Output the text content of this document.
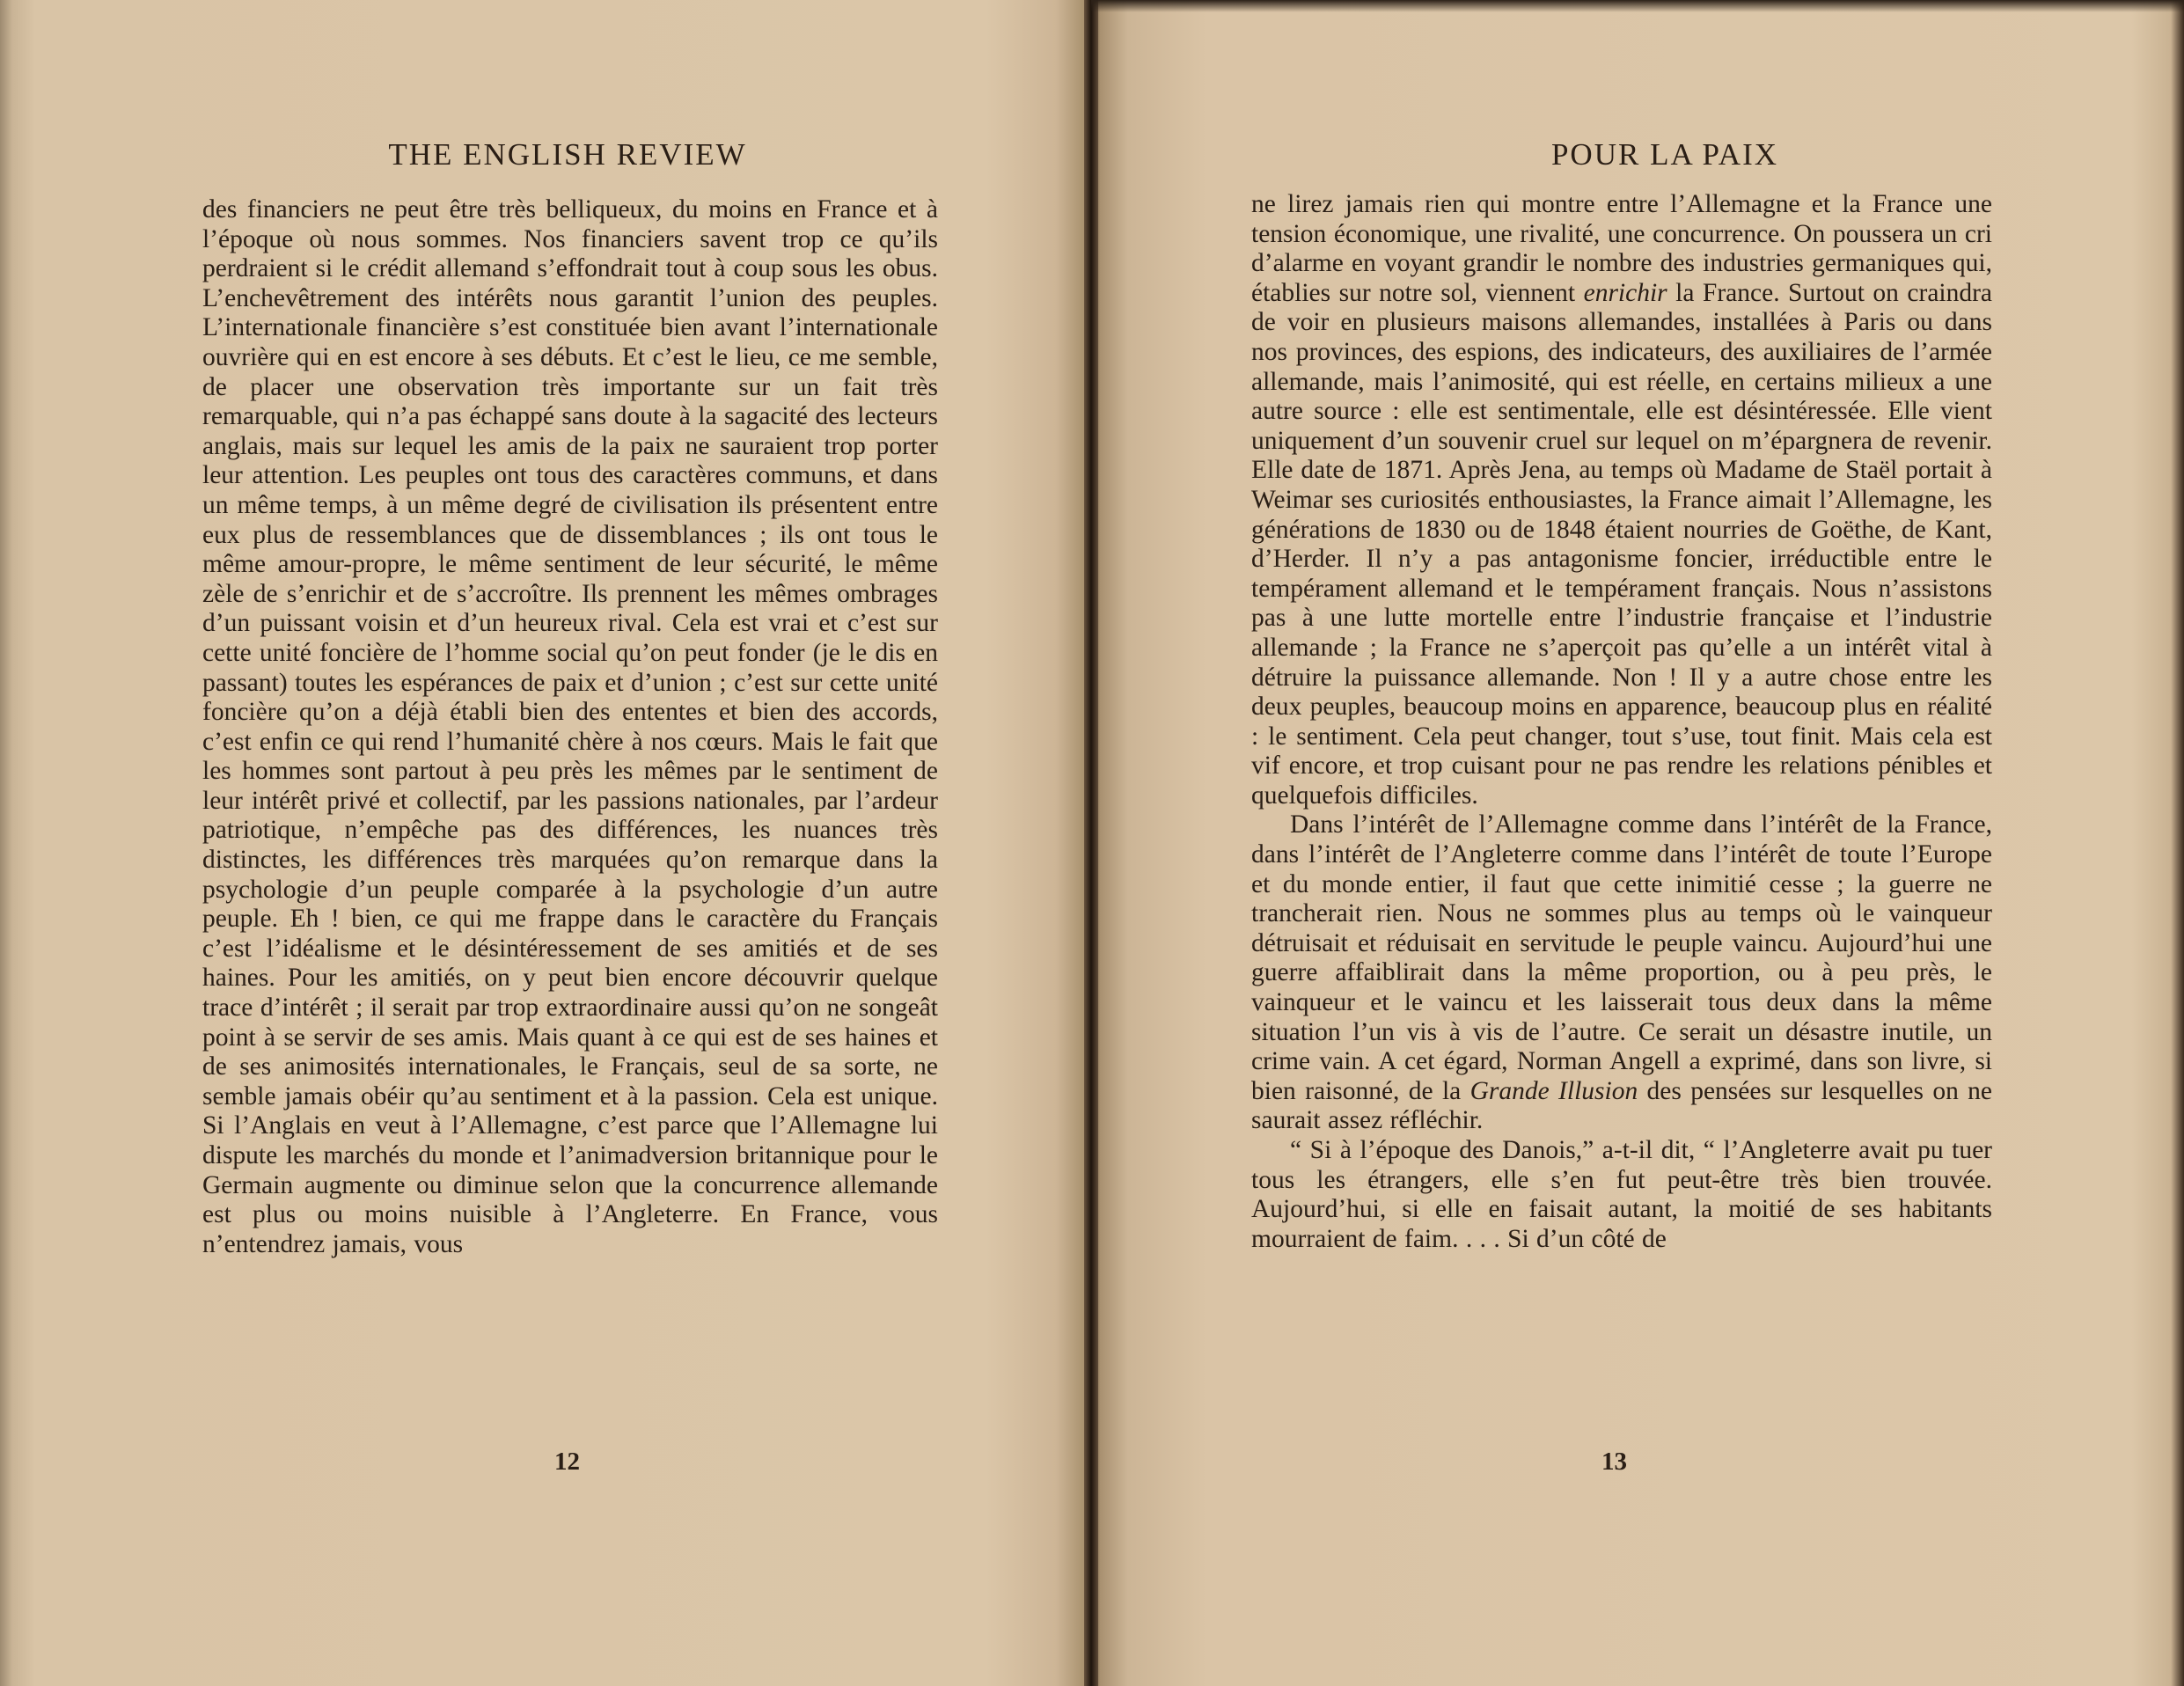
THE ENGLISH REVIEW

des financiers ne peut être très belliqueux, du moins en France et à l’époque où nous sommes. Nos financiers savent trop ce qu’ils perdraient si le crédit allemand s’effondrait tout à coup sous les obus. L’enchevêtrement des intérêts nous garantit l’union des peuples. L’internationale financière s’est constituée bien avant l’internationale ouvrière qui en est encore à ses débuts. Et c’est le lieu, ce me semble, de placer une observation très importante sur un fait très remarquable, qui n’a pas échappé sans doute à la sagacité des lecteurs anglais, mais sur lequel les amis de la paix ne sauraient trop porter leur attention. Les peuples ont tous des caractères communs, et dans un même temps, à un même degré de civilisation ils présentent entre eux plus de ressemblances que de dissemblances ; ils ont tous le même amour-propre, le même sentiment de leur sécurité, le même zèle de s’enrichir et de s’accroître. Ils prennent les mêmes ombrages d’un puissant voisin et d’un heureux rival. Cela est vrai et c’est sur cette unité foncière de l’homme social qu’on peut fonder (je le dis en passant) toutes les espérances de paix et d’union ; c’est sur cette unité foncière qu’on a déjà établi bien des ententes et bien des accords, c’est enfin ce qui rend l’humanité chère à nos cœurs. Mais le fait que les hommes sont partout à peu près les mêmes par le sentiment de leur intérêt privé et collectif, par les passions nationales, par l’ardeur patriotique, n’empêche pas des différences, les nuances très distinctes, les différences très marquées qu’on remarque dans la psychologie d’un peuple comparée à la psychologie d’un autre peuple. Eh ! bien, ce qui me frappe dans le caractère du Français c’est l’idéalisme et le désintéressement de ses amitiés et de ses haines. Pour les amitiés, on y peut bien encore découvrir quelque trace d’intérêt ; il serait par trop extraordinaire aussi qu’on ne songeât point à se servir de ses amis. Mais quant à ce qui est de ses haines et de ses animosités internationales, le Français, seul de sa sorte, ne semble jamais obéir qu’au sentiment et à la passion. Cela est unique. Si l’Anglais en veut à l’Allemagne, c’est parce que l’Allemagne lui dispute les marchés du monde et l’animadversion britannique pour le Germain augmente ou diminue selon que la concurrence allemande est plus ou moins nuisible à l’Angleterre. En France, vous n’entendrez jamais, vous

12
POUR LA PAIX

ne lirez jamais rien qui montre entre l’Allemagne et la France une tension économique, une rivalité, une concurrence. On poussera un cri d’alarme en voyant grandir le nombre des industries germaniques qui, établies sur notre sol, viennent enrichir la France. Surtout on craindra de voir en plusieurs maisons allemandes, installées à Paris ou dans nos provinces, des espions, des indicateurs, des auxiliaires de l’armée allemande, mais l’animosité, qui est réelle, en certains milieux a une autre source : elle est sentimentale, elle est désintéressée. Elle vient uniquement d’un souvenir cruel sur lequel on m’épargnera de revenir. Elle date de 1871. Après Jena, au temps où Madame de Staël portait à Weimar ses curiosités enthousiastes, la France aimait l’Allemagne, les générations de 1830 ou de 1848 étaient nourries de Goëthe, de Kant, d’Herder. Il n’y a pas antagonisme foncier, irréductible entre le tempérament allemand et le tempérament français. Nous n’assistons pas à une lutte mortelle entre l’industrie française et l’industrie allemande ; la France ne s’aperçoit pas qu’elle a un intérêt vital à détruire la puissance allemande. Non ! Il y a autre chose entre les deux peuples, beaucoup moins en apparence, beaucoup plus en réalité : le sentiment. Cela peut changer, tout s’use, tout finit. Mais cela est vif encore, et trop cuisant pour ne pas rendre les relations pénibles et quelquefois difficiles.

Dans l’intérêt de l’Allemagne comme dans l’intérêt de la France, dans l’intérêt de l’Angleterre comme dans l’intérêt de toute l’Europe et du monde entier, il faut que cette inimitié cesse ; la guerre ne trancherait rien. Nous ne sommes plus au temps où le vainqueur détruisait et réduisait en servitude le peuple vaincu. Aujourd’hui une guerre affaiblirait dans la même proportion, ou à peu près, le vainqueur et le vaincu et les laisserait tous deux dans la même situation l’un vis à vis de l’autre. Ce serait un désastre inutile, un crime vain. A cet égard, Norman Angell a exprimé, dans son livre, si bien raisonné, de la Grande Illusion des pensées sur lesquelles on ne saurait assez réfléchir.

“ Si à l’époque des Danois,” a-t-il dit, “ l’Angleterre avait pu tuer tous les étrangers, elle s’en fut peut-être très bien trouvée. Aujourd’hui, si elle en faisait autant, la moitié de ses habitants mourraient de faim. . . . Si d’un côté de

13
